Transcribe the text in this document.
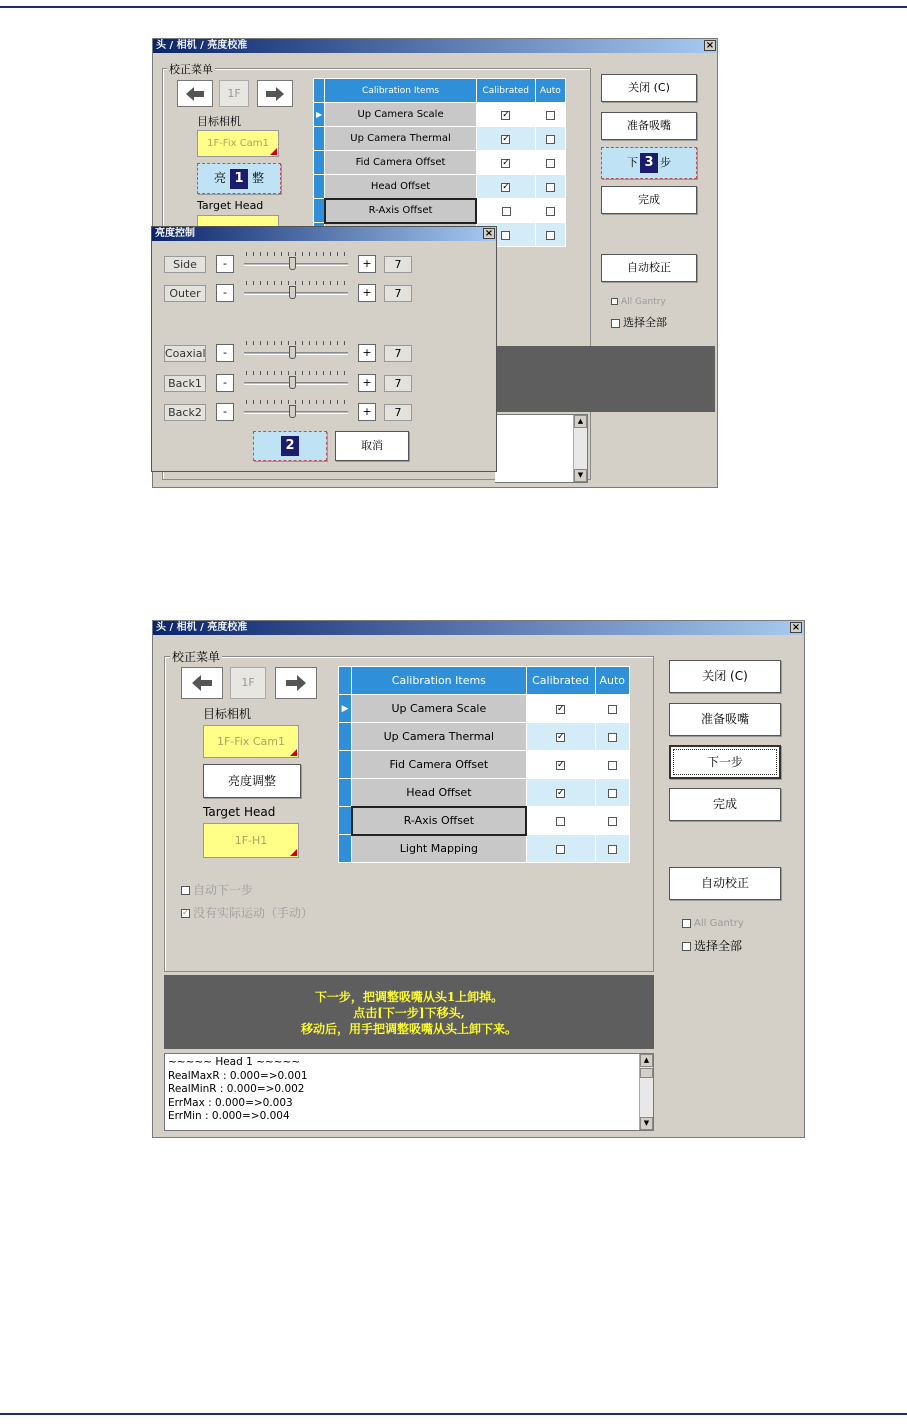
头 / 相机 / 亮度校准	×
校正菜单
1F
目标相机
1F-Fix Cam1
亮 1 整
Target Head
	Calibration Items	Calibrated	Auto
▶	Up Camera Scale	✓	
	Up Camera Thermal	✓	
	Fid Camera Offset	✓	
	Head Offset	✓	
	R-Axis Offset		

▲
▼
关闭 (C)
准备吸嘴
下 3 步
完成
自动校正
All Gantry
选择全部
亮度控制	×
Side	-	+	7
Outer	-	+	7
Coaxial	-	+	7
Back1	-	+	7
Back2	-	+	7
2	取消
头 / 相机 / 亮度校准	×
校正菜单
1F
目标相机
1F-Fix Cam1
亮度调整
Target Head
1F-H1
自动下一步
✓ 没有实际运动（手动）
	Calibration Items	Calibrated	Auto
▶	Up Camera Scale	✓	
	Up Camera Thermal	✓	
	Fid Camera Offset	✓	
	Head Offset	✓	
	R-Axis Offset		
	Light Mapping		
下一步，把调整吸嘴从头1上卸掉。
点击[下一步]下移头,
移动后，用手把调整吸嘴从头上卸下来。
~~~~~ Head 1 ~~~~~
RealMaxR : 0.000=>0.001
RealMinR : 0.000=>0.002
ErrMax : 0.000=>0.003
ErrMin : 0.000=>0.004
▲
▼
关闭 (C)
准备吸嘴
下一步
完成
自动校正
All Gantry
选择全部
